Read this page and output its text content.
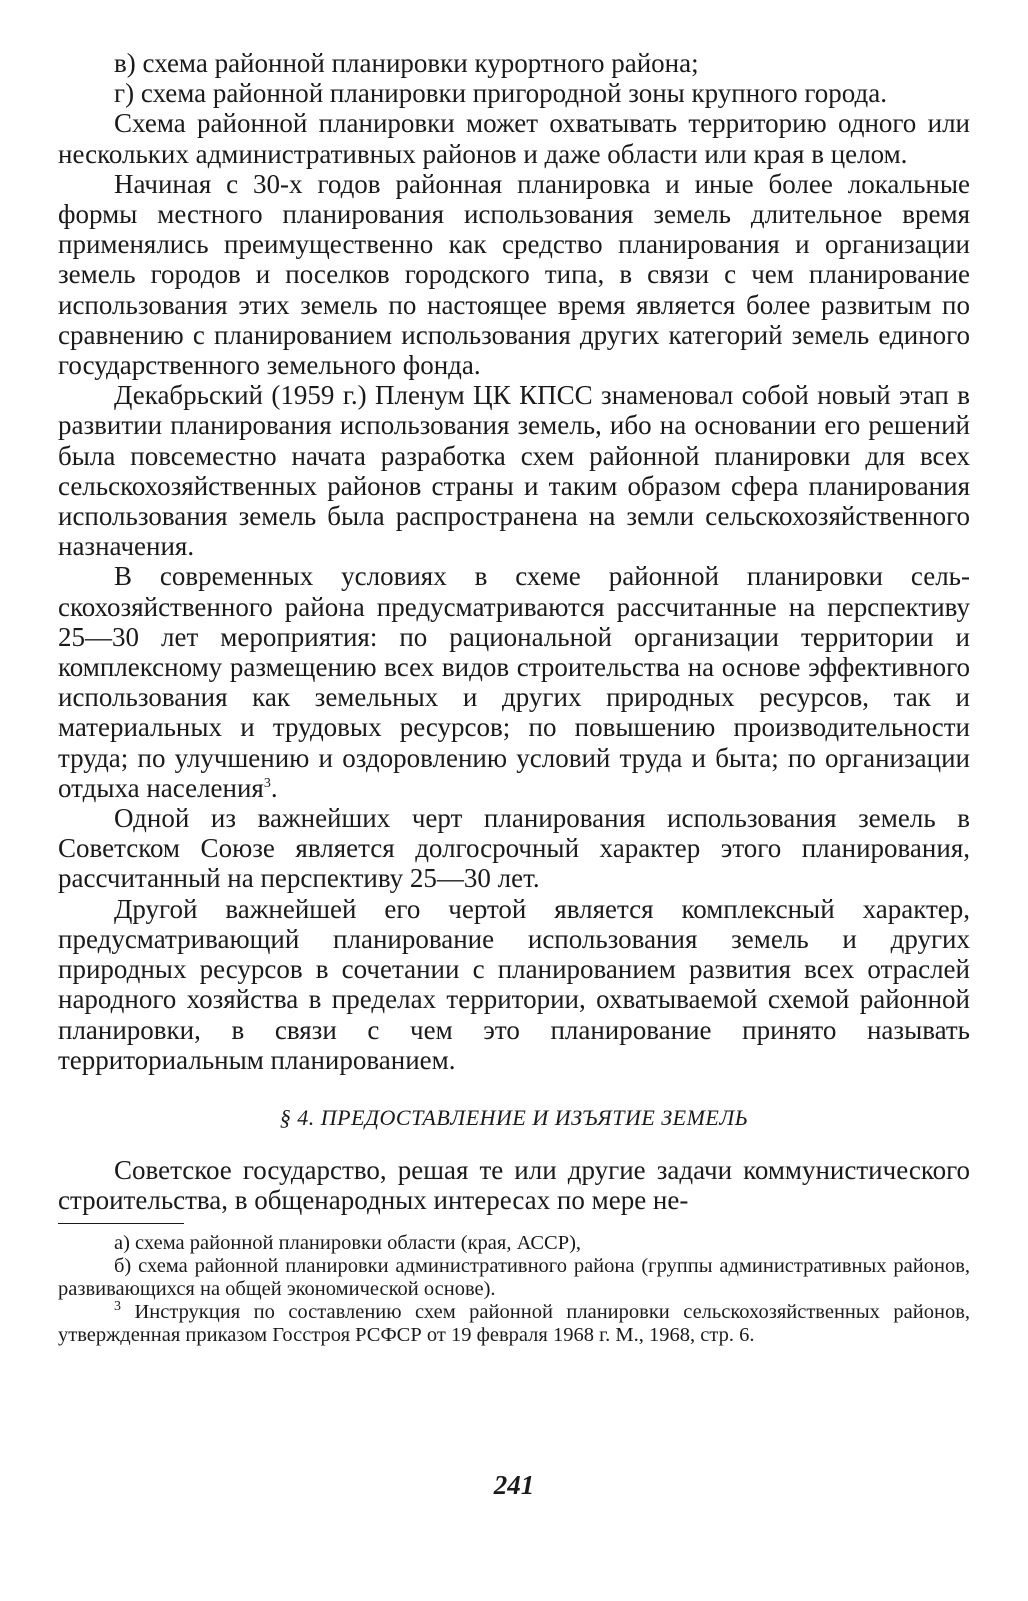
в) схема районной планировки курортного района;

г) схема районной планировки пригородной зоны крупного города.

Схема районной планировки может охватывать территорию одного или нескольких административных районов и даже области или края в целом.

Начиная с 30-х годов районная планировка и иные более локальные формы местного планирования использования земель длительное время применялись преимущественно как средство планирования и организации земель городов и поселков городского типа, в связи с чем планирование использования этих земель по настоящее время является более развитым по сравнению с планированием использования других категорий земель единого государственного земельного фонда.

Декабрьский (1959 г.) Пленум ЦК КПСС знаменовал собой новый этап в развитии планирования использования земель, ибо на основании его решений была повсеместно начата разработка схем районной планировки для всех сельскохозяйственных районов страны и таким образом сфера планирования использования земель была распространена на земли сельскохозяйственного назначения.

В современных условиях в схеме районной планировки сельскохозяйственного района предусматриваются рассчитанные на перспективу 25—30 лет мероприятия: по рациональной организации территории и комплексному размещению всех видов строительства на основе эффективного использования как земельных и других природных ресурсов, так и материальных и трудовых ресурсов; по повышению производительности труда; по улучшению и оздоровлению условий труда и быта; по организации отдыха населения$^3$.

Одной из важнейших черт планирования использования земель в Советском Союзе является долгосрочный характер этого планирования, рассчитанный на перспективу 25—30 лет.

Другой важнейшей его чертой является комплексный характер, предусматривающий планирование использования земель и других природных ресурсов в сочетании с планированием развития всех отраслей народного хозяйства в пределах территории, охватываемой схемой районной планировки, в связи с чем это планирование принято называть территориальным планированием.

§ 4. ПРЕДОСТАВЛЕНИЕ И ИЗЪЯТИЕ ЗЕМЕЛЬ

Советское государство, решая те или другие задачи коммунистического строительства, в общенародных интересах по мере не-

а) схема районной планировки области (края, АССР),

б) схема районной планировки административного района (группы административных районов, развивающихся на общей экономической основе).

$^3$ Инструкция по составлению схем районной планировки сельскохозяйственных районов, утвержденная приказом Госстроя РСФСР от 19 февраля 1968 г. М., 1968, стр. 6.

241
